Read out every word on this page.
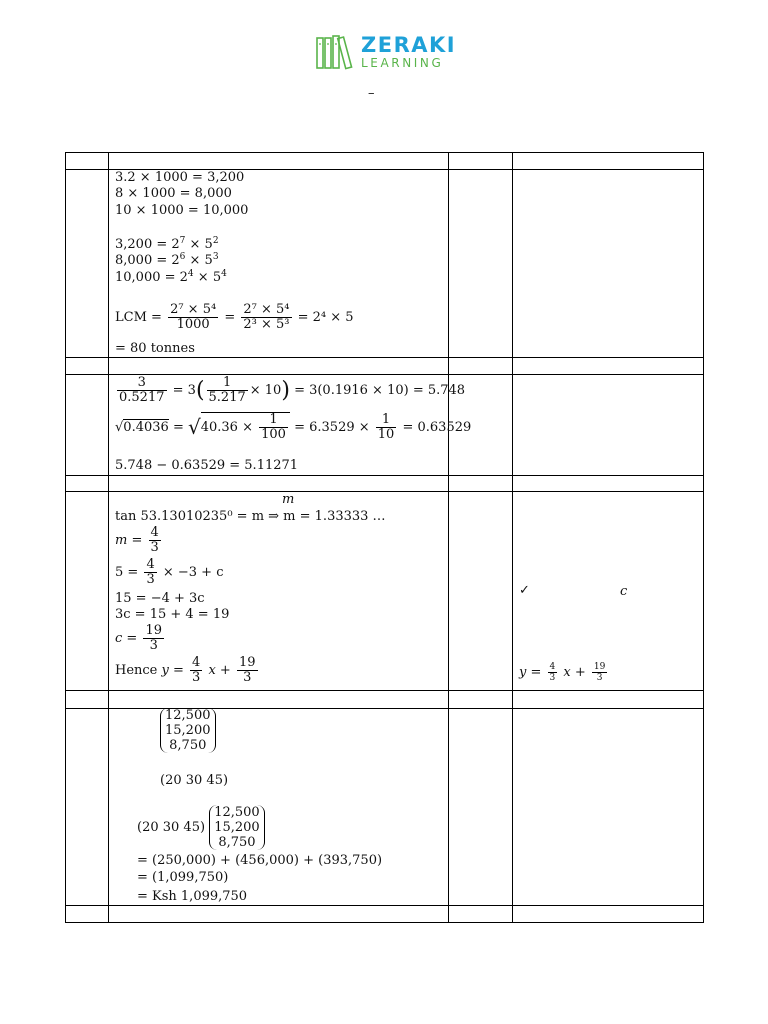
ZERAKI
LEARNING
–
3.2 × 1000 = 3,200
8 × 1000 = 8,000
10 × 1000 = 10,000
$3,200 = 2^7 \times 5^2$
$8,000 = 2^6 \times 5^3$
$10,000 = 2^4 \times 5^4$
LCM = $\frac{\text{2⁷ × 5⁴}}{1000} = \frac{\text{2⁷ × 5⁴}}{\text{2³ × 5³}} = 2^4 \times 5$
= 80 tonnes
$\frac{3}{0.5217} = 3( \frac{1}{5.217} \times 10) = 3(0.1916 \times 10) = 5.748$
$√0.4036 = √40.36 \times \frac{1}{100} = 6.3529 \times \frac{1}{10} = 0.63529$
5.748 − 0.63529 = 5.11271
m
tan 53.13010235⁰ = m ⇒ m = 1.33333 …
$m = \frac{4}{3}$
$5 = \frac{4}{3} \times -3 + c$
15 = −4 + 3c
3c = 15 + 4 = 19
$c = \frac{19}{3}$
Hence $y = \frac{4}{3}$ $x + \frac{19}{3}$
✓	c
$y = \frac{4}{3}$ $x + \frac{19}{3}$
12,500
15,200
8,750
(20 30 45)
(20 30 45)
12,500
15,200
8,750
= (250,000) + (456,000) + (393,750)
= (1,099,750)
= Ksh 1,099,750
